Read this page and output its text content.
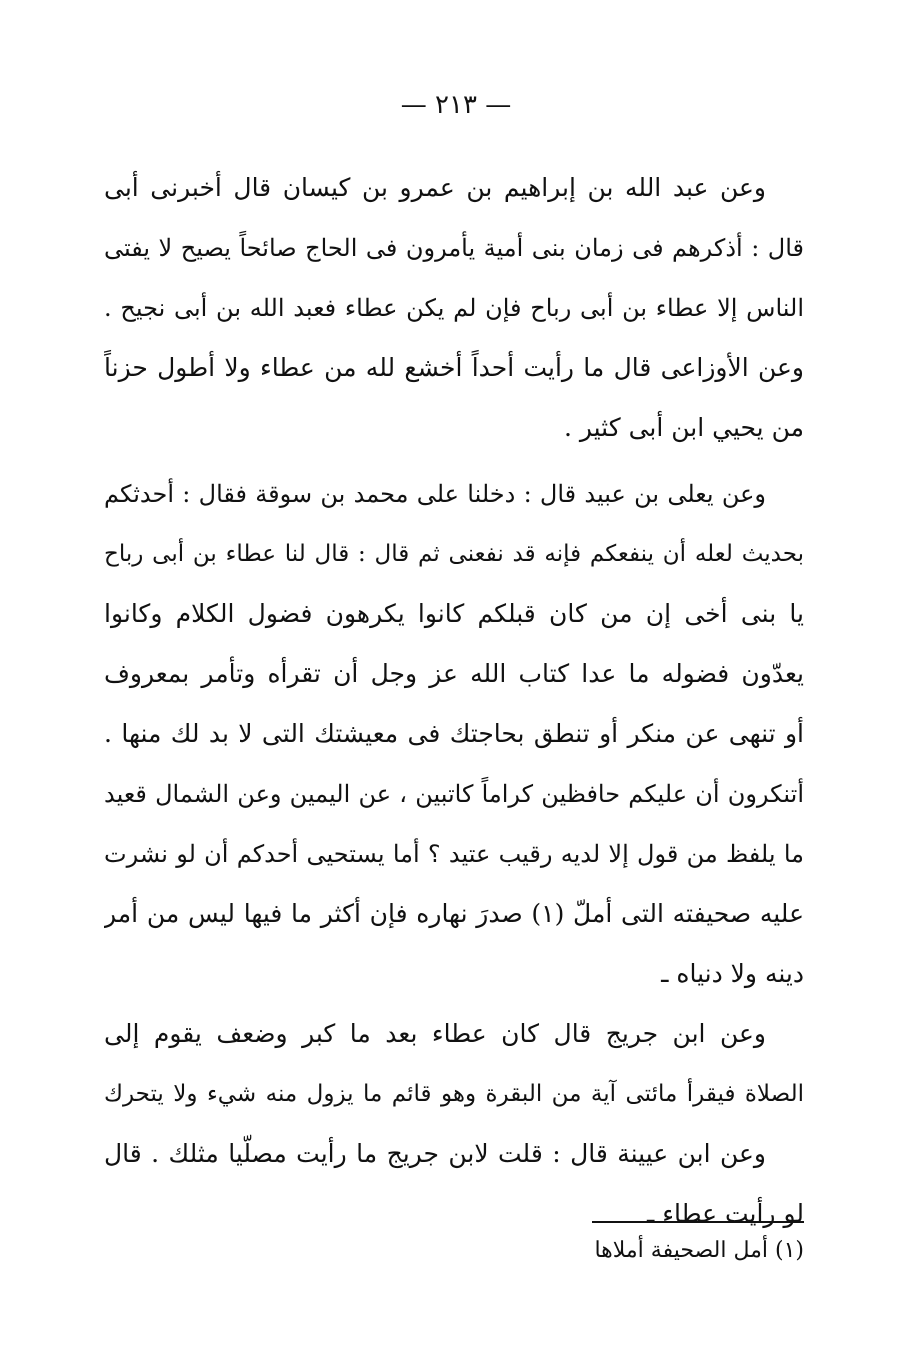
— ٢١٣ —
وعن عبد الله بن إبراهيم بن عمرو بن كيسان قال أخبرنى أبى
قال : أذكرهم فى زمان بنى أمية يأمرون فى الحاج صائحاً يصيح لا يفتى
الناس إلا عطاء بن أبى رباح فإن لم يكن عطاء فعبد الله بن أبى نجيح .
وعن الأوزاعى قال ما رأيت أحداً أخشع لله من عطاء ولا أطول حزناً
من يحيي ابن أبى كثير .
وعن يعلى بن عبيد قال : دخلنا على محمد بن سوقة فقال : أحدثكم
بحديث لعله أن ينفعكم فإنه قد نفعنى ثم قال : قال لنا عطاء بن أبى رباح
يا بنى أخى إن من كان قبلكم كانوا يكرهون فضول الكلام وكانوا
يعدّون فضوله ما عدا كتاب الله عز وجل أن تقرأه وتأمر بمعروف
أو تنهى عن منكر أو تنطق بحاجتك فى معيشتك التى لا بد لك منها .
أتنكرون أن عليكم حافظين كراماً كاتبين ، عن اليمين وعن الشمال قعيد
ما يلفظ من قول إلا لديه رقيب عتيد ؟ أما يستحيى أحدكم أن لو نشرت
عليه صحيفته التى أملّ (١) صدرَ نهاره فإن أكثر ما فيها ليس من أمر
دينه ولا دنياه ـ
وعن ابن جريج قال كان عطاء بعد ما كبر وضعف يقوم إلى
الصلاة فيقرأ مائتى آية من البقرة وهو قائم ما يزول منه شيء ولا يتحرك
وعن ابن عيينة قال : قلت لابن جريج ما رأيت مصلّيا مثلك . قال
لو رأيت عطاء ـ
(١) أمل الصحيفة أملاها
